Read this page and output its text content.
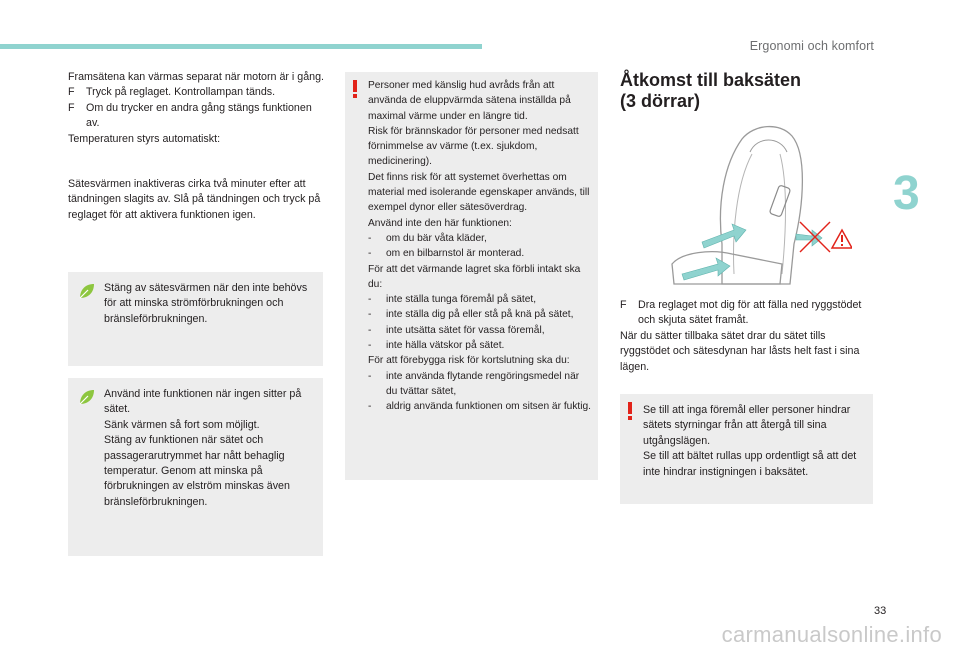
Ergonomi och komfort
3

Framsätena kan värmas separat när motorn är i gång.

F Tryck på reglaget. Kontrollampan tänds.

F Om du trycker en andra gång stängs funktionen av.

Temperaturen styrs automatiskt:

Sätesvärmen inaktiveras cirka två minuter efter att tändningen slagits av. Slå på tändningen och tryck på reglaget för att aktivera funktionen igen.

Stäng av sätesvärmen när den inte behövs för att minska strömförbrukningen och bränsleförbrukningen.
Använd inte funktionen när ingen sitter på sätet.
Sänk värmen så fort som möjligt.
Stäng av funktionen när sätet och passagerarutrymmet har nått behaglig temperatur. Genom att minska på förbrukningen av elström minskas även bränsleförbrukningen.

Personer med känslig hud avråds från att använda de eluppvärmda sätena inställda på maximal värme under en längre tid.

Risk för brännskador för personer med nedsatt förnimmelse av värme (t.ex. sjukdom, medicinering).

Det finns risk för att systemet överhettas om material med isolerande egenskaper används, till exempel dynor eller sätesöverdrag.

Använd inte den här funktionen:

- om du bär våta kläder,

- om en bilbarnstol är monterad.

För att det värmande lagret ska förbli intakt ska du:

- inte ställa tunga föremål på sätet,

- inte ställa dig på eller stå på knä på sätet,

- inte utsätta sätet för vassa föremål,

- inte hälla vätskor på sätet.

För att förebygga risk för kortslutning ska du:

- inte använda flytande rengöringsmedel när du tvättar sätet,

- aldrig använda funktionen om sitsen är fuktig.

Åtkomst till baksäten
(3 dörrar)

F Dra reglaget mot dig för att fälla ned ryggstödet och skjuta sätet framåt.

När du sätter tillbaka sätet drar du sätet tills ryggstödet och sätesdynan har låsts helt fast i sina lägen.

Se till att inga föremål eller personer hindrar sätets styrningar från att återgå till sina utgångslägen.
Se till att bältet rullas upp ordentligt så att det inte hindrar instigningen i baksätet.
33
carmanualsonline.info
